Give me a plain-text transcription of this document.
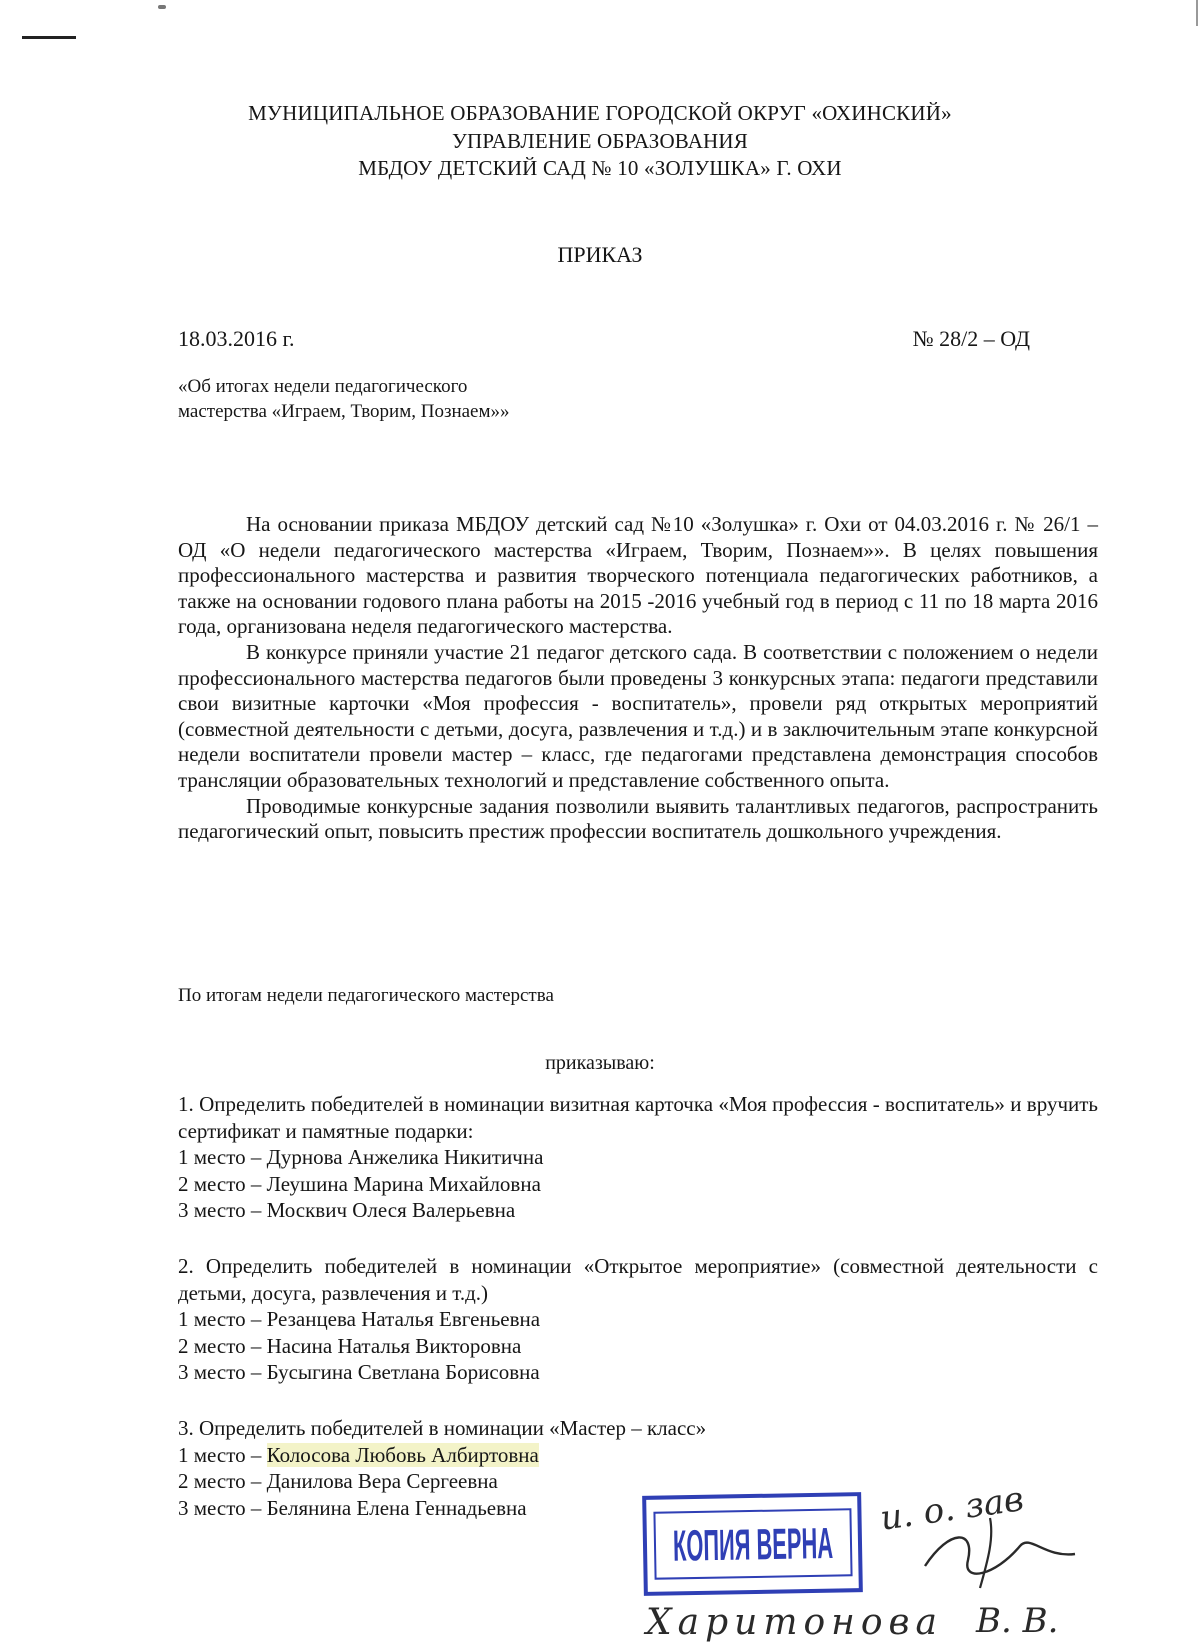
МУНИЦИПАЛЬНОЕ ОБРАЗОВАНИЕ ГОРОДСКОЙ ОКРУГ «ОХИНСКИЙ»
УПРАВЛЕНИЕ ОБРАЗОВАНИЯ
МБДОУ ДЕТСКИЙ САД № 10 «ЗОЛУШКА» Г. ОХИ
ПРИКАЗ
18.03.2016 г.	№ 28/2 – ОД
«Об итогах недели педагогического
мастерства «Играем, Творим, Познаем»»

На основании приказа МБДОУ детский сад №10 «Золушка» г. Охи от 04.03.2016 г. № 26/1 – ОД «О недели педагогического мастерства «Играем, Творим, Познаем»». В целях повышения профессионального мастерства и развития творческого потенциала педагогических работников, а также на основании годового плана работы на 2015 -2016 учебный год в период с 11 по 18 марта 2016 года, организована неделя педагогического мастерства.

В конкурсе приняли участие 21 педагог детского сада. В соответствии с положением о недели профессионального мастерства педагогов были проведены 3 конкурсных этапа: педагоги представили свои визитные карточки «Моя профессия - воспитатель», провели ряд открытых мероприятий (совместной деятельности с детьми, досуга, развлечения и т.д.) и в заключительным этапе конкурсной недели воспитатели провели мастер – класс, где педагогами представлена демонстрация способов трансляции образовательных технологий и представление собственного опыта.

Проводимые конкурсные задания позволили выявить талантливых педагогов, распространить педагогический опыт, повысить престиж профессии воспитатель дошкольного учреждения.

По итогам недели педагогического мастерства
приказываю:

1. Определить победителей в номинации визитная карточка «Моя профессия - воспитатель» и вручить сертификат и памятные подарки:

1 место – Дурнова Анжелика Никитична

2 место – Леушина Марина Михайловна

3 место – Москвич Олеся Валерьевна

2. Определить победителей в номинации «Открытое мероприятие» (совместной деятельности с детьми, досуга, развлечения и т.д.)

1 место – Резанцева Наталья Евгеньевна

2 место – Насина Наталья Викторовна

3 место – Бусыгина Светлана Борисовна

3. Определить победителей в номинации «Мастер – класс»

1 место – Колосова Любовь Албиртовна

2 место – Данилова Вера Сергеевна

3 место – Белянина Елена Геннадьевна

КОПИЯ ВЕРНА
и. о. зав
Харитонова В. В.
